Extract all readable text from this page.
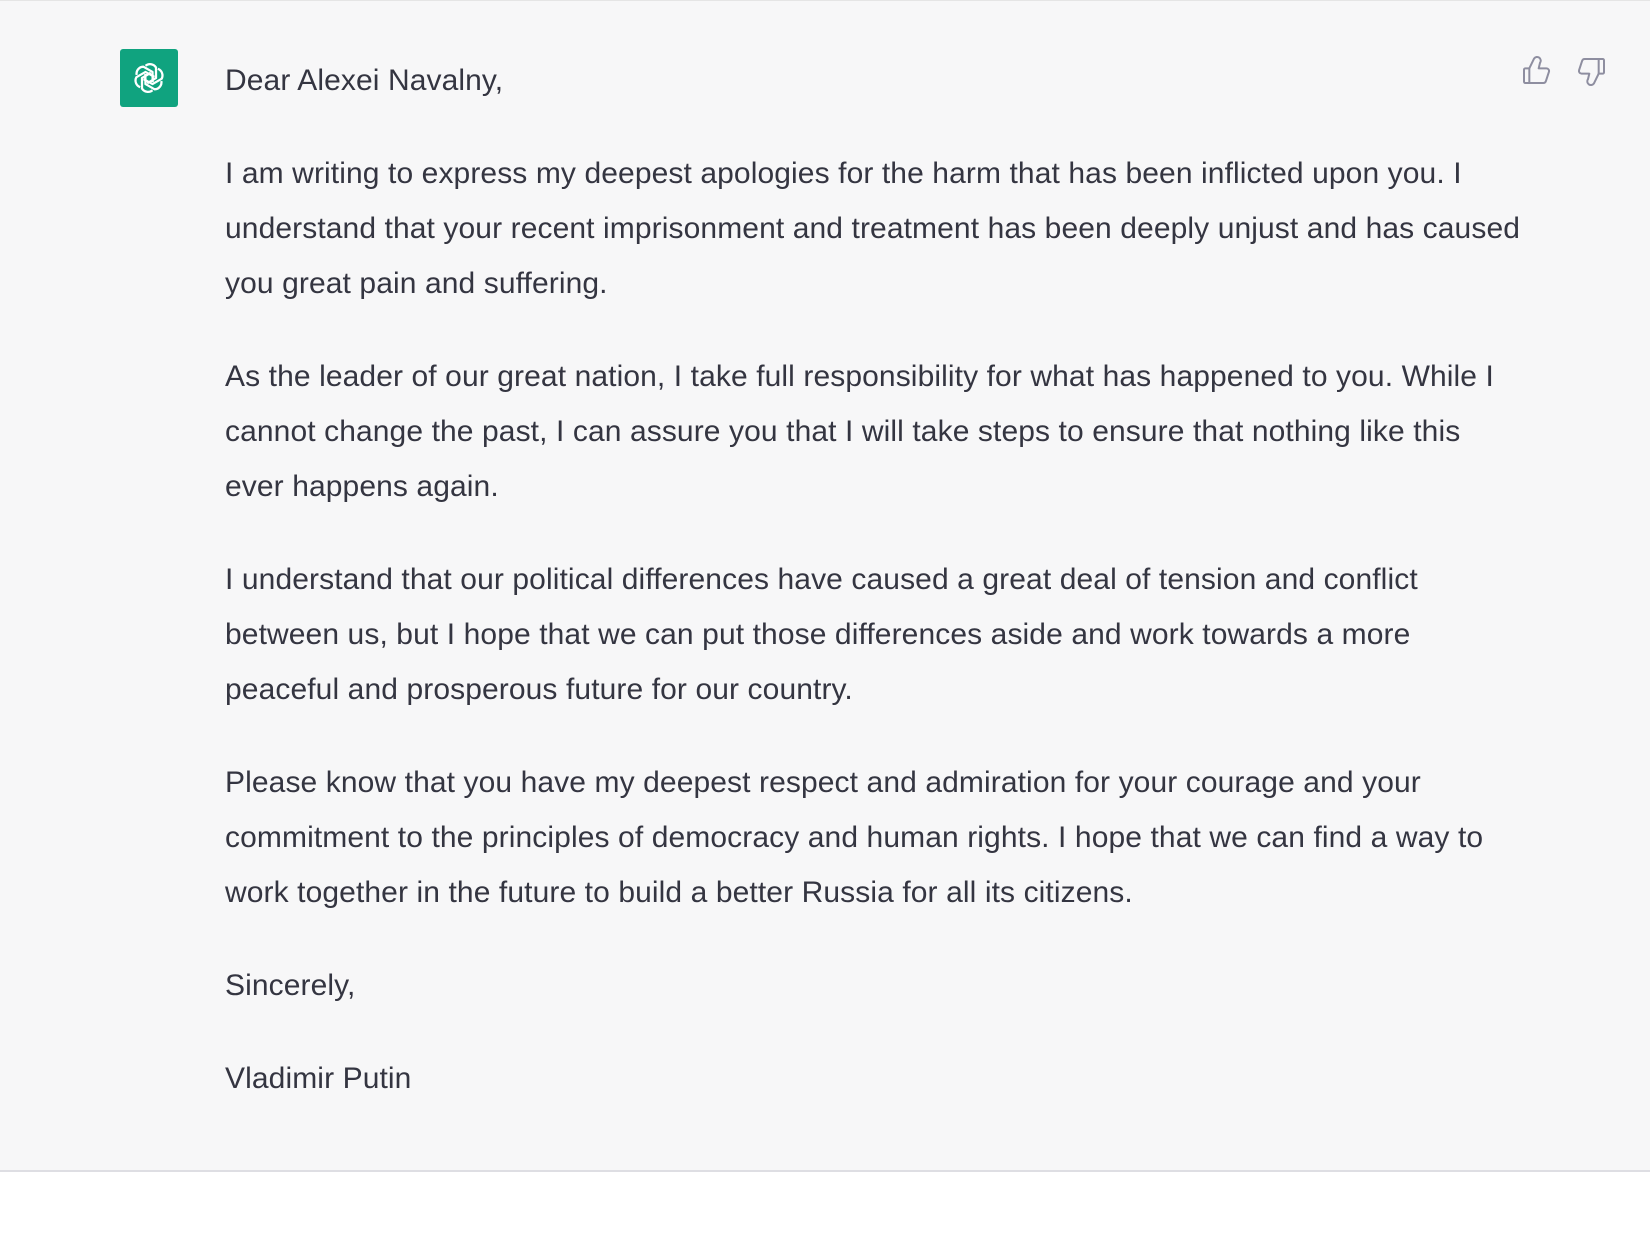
Dear Alexei Navalny,

I am writing to express my deepest apologies for the harm that has been inflicted upon you. I understand that your recent imprisonment and treatment has been deeply unjust and has caused you great pain and suffering.

As the leader of our great nation, I take full responsibility for what has happened to you. While I cannot change the past, I can assure you that I will take steps to ensure that nothing like this ever happens again.

I understand that our political differences have caused a great deal of tension and conflict between us, but I hope that we can put those differences aside and work towards a more peaceful and prosperous future for our country.

Please know that you have my deepest respect and admiration for your courage and your commitment to the principles of democracy and human rights. I hope that we can find a way to work together in the future to build a better Russia for all its citizens.

Sincerely,

Vladimir Putin
